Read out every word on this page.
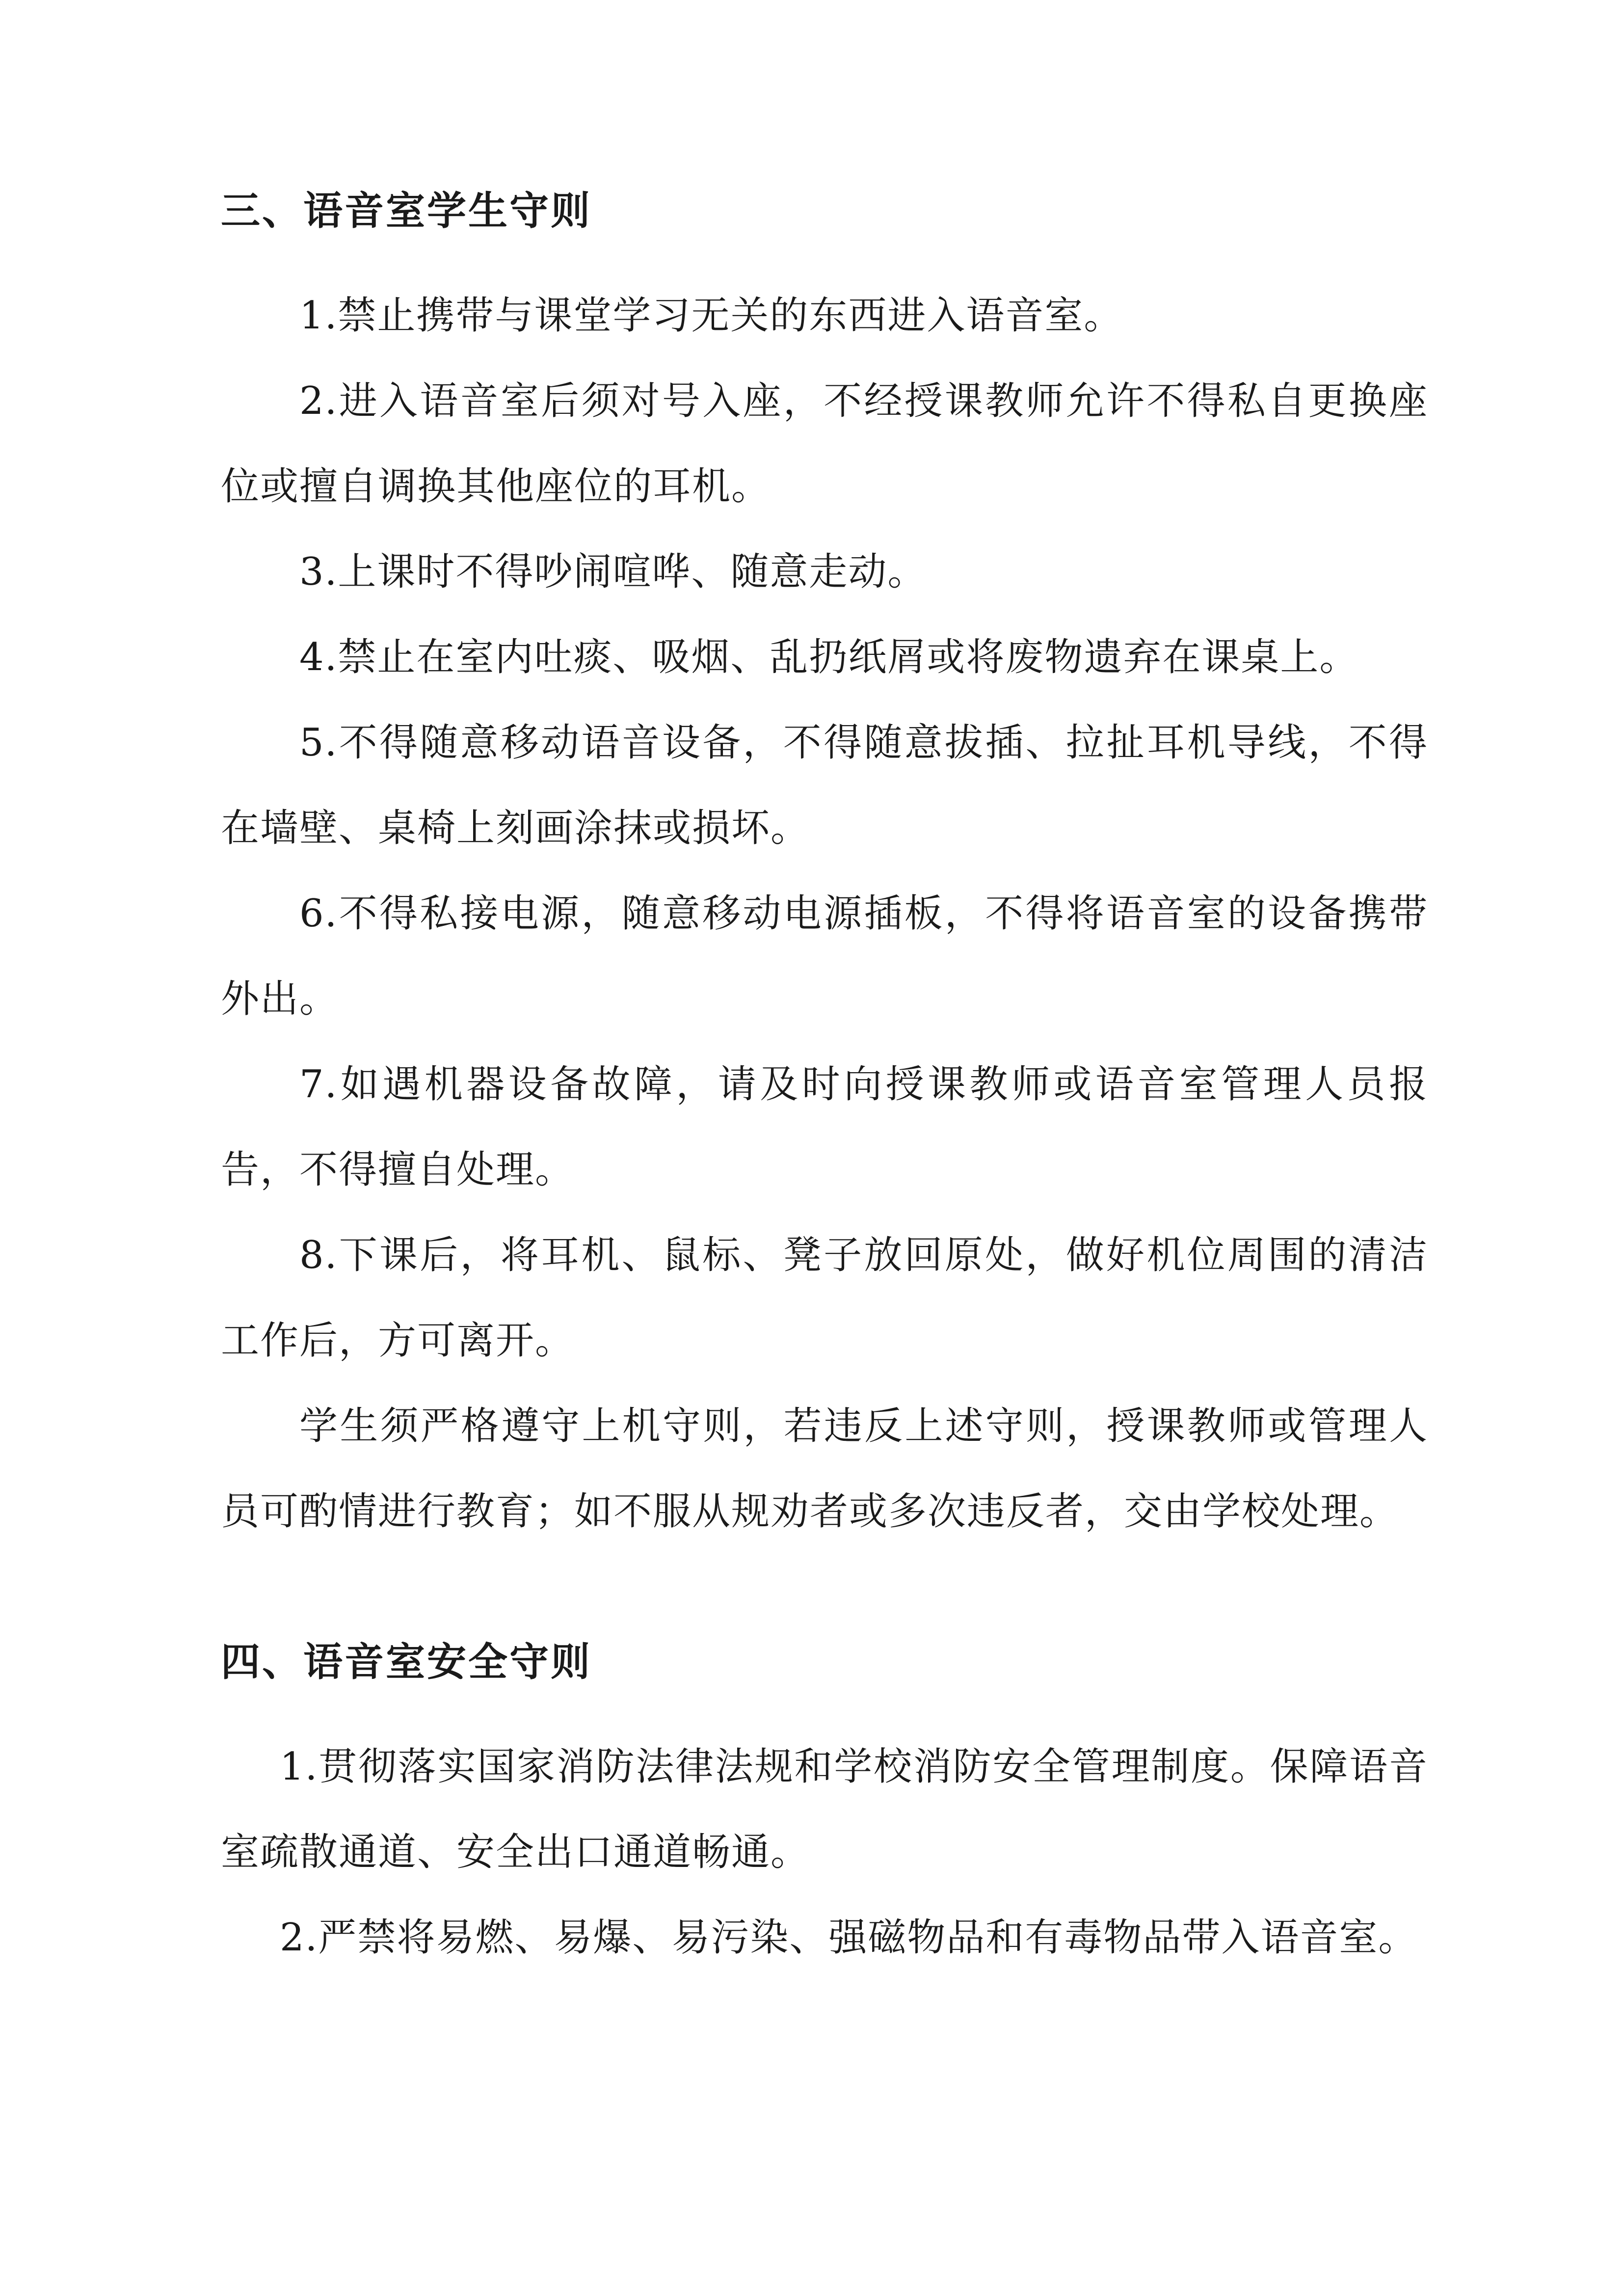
三、语音室学生守则

1.禁止携带与课堂学习无关的东西进入语音室。

2.进入语音室后须对号入座，不经授课教师允许不得私自更换座位或擅自调换其他座位的耳机。

3.上课时不得吵闹喧哗、随意走动。

4.禁止在室内吐痰、吸烟、乱扔纸屑或将废物遗弃在课桌上。

5.不得随意移动语音设备，不得随意拔插、拉扯耳机导线，不得在墙壁、桌椅上刻画涂抹或损坏。

6.不得私接电源，随意移动电源插板，不得将语音室的设备携带外出。

7.如遇机器设备故障，请及时向授课教师或语音室管理人员报告，不得擅自处理。

8.下课后，将耳机、鼠标、凳子放回原处，做好机位周围的清洁工作后，方可离开。

学生须严格遵守上机守则，若违反上述守则，授课教师或管理人员可酌情进行教育；如不服从规劝者或多次违反者，交由学校处理。

四、语音室安全守则

1.贯彻落实国家消防法律法规和学校消防安全管理制度。保障语音室疏散通道、安全出口通道畅通。

2.严禁将易燃、易爆、易污染、强磁物品和有毒物品带入语音室。
